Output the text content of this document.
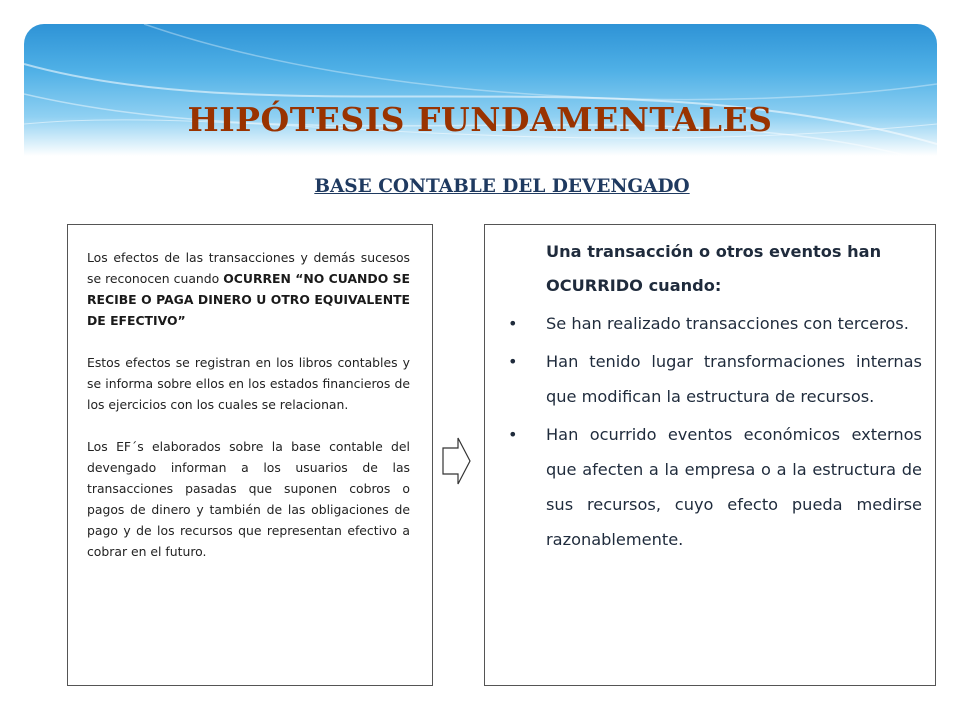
HIPÓTESIS FUNDAMENTALES
BASE CONTABLE DEL DEVENGADO

Los efectos de las transacciones y demás sucesos se reconocen cuando OCURREN “NO CUANDO SE RECIBE O PAGA DINERO U OTRO EQUIVALENTE DE EFECTIVO”

Estos efectos se registran en los libros contables y se informa sobre ellos en los estados financieros de los ejercicios con los cuales se relacionan.

Los EF´s elaborados sobre la base contable del devengado informan a los usuarios de las transacciones pasadas que suponen cobros o pagos de dinero y también de las obligaciones de pago y de los recursos que representan efectivo a cobrar en el futuro.

Una transacción o otros eventos han OCURRIDO cuando:

• Se han realizado transacciones con terceros.
• Han tenido lugar transformaciones internas que modifican la estructura de recursos.
• Han ocurrido eventos económicos externos que afecten a la empresa o a la estructura de sus recursos, cuyo efecto pueda medirse razonablemente.
